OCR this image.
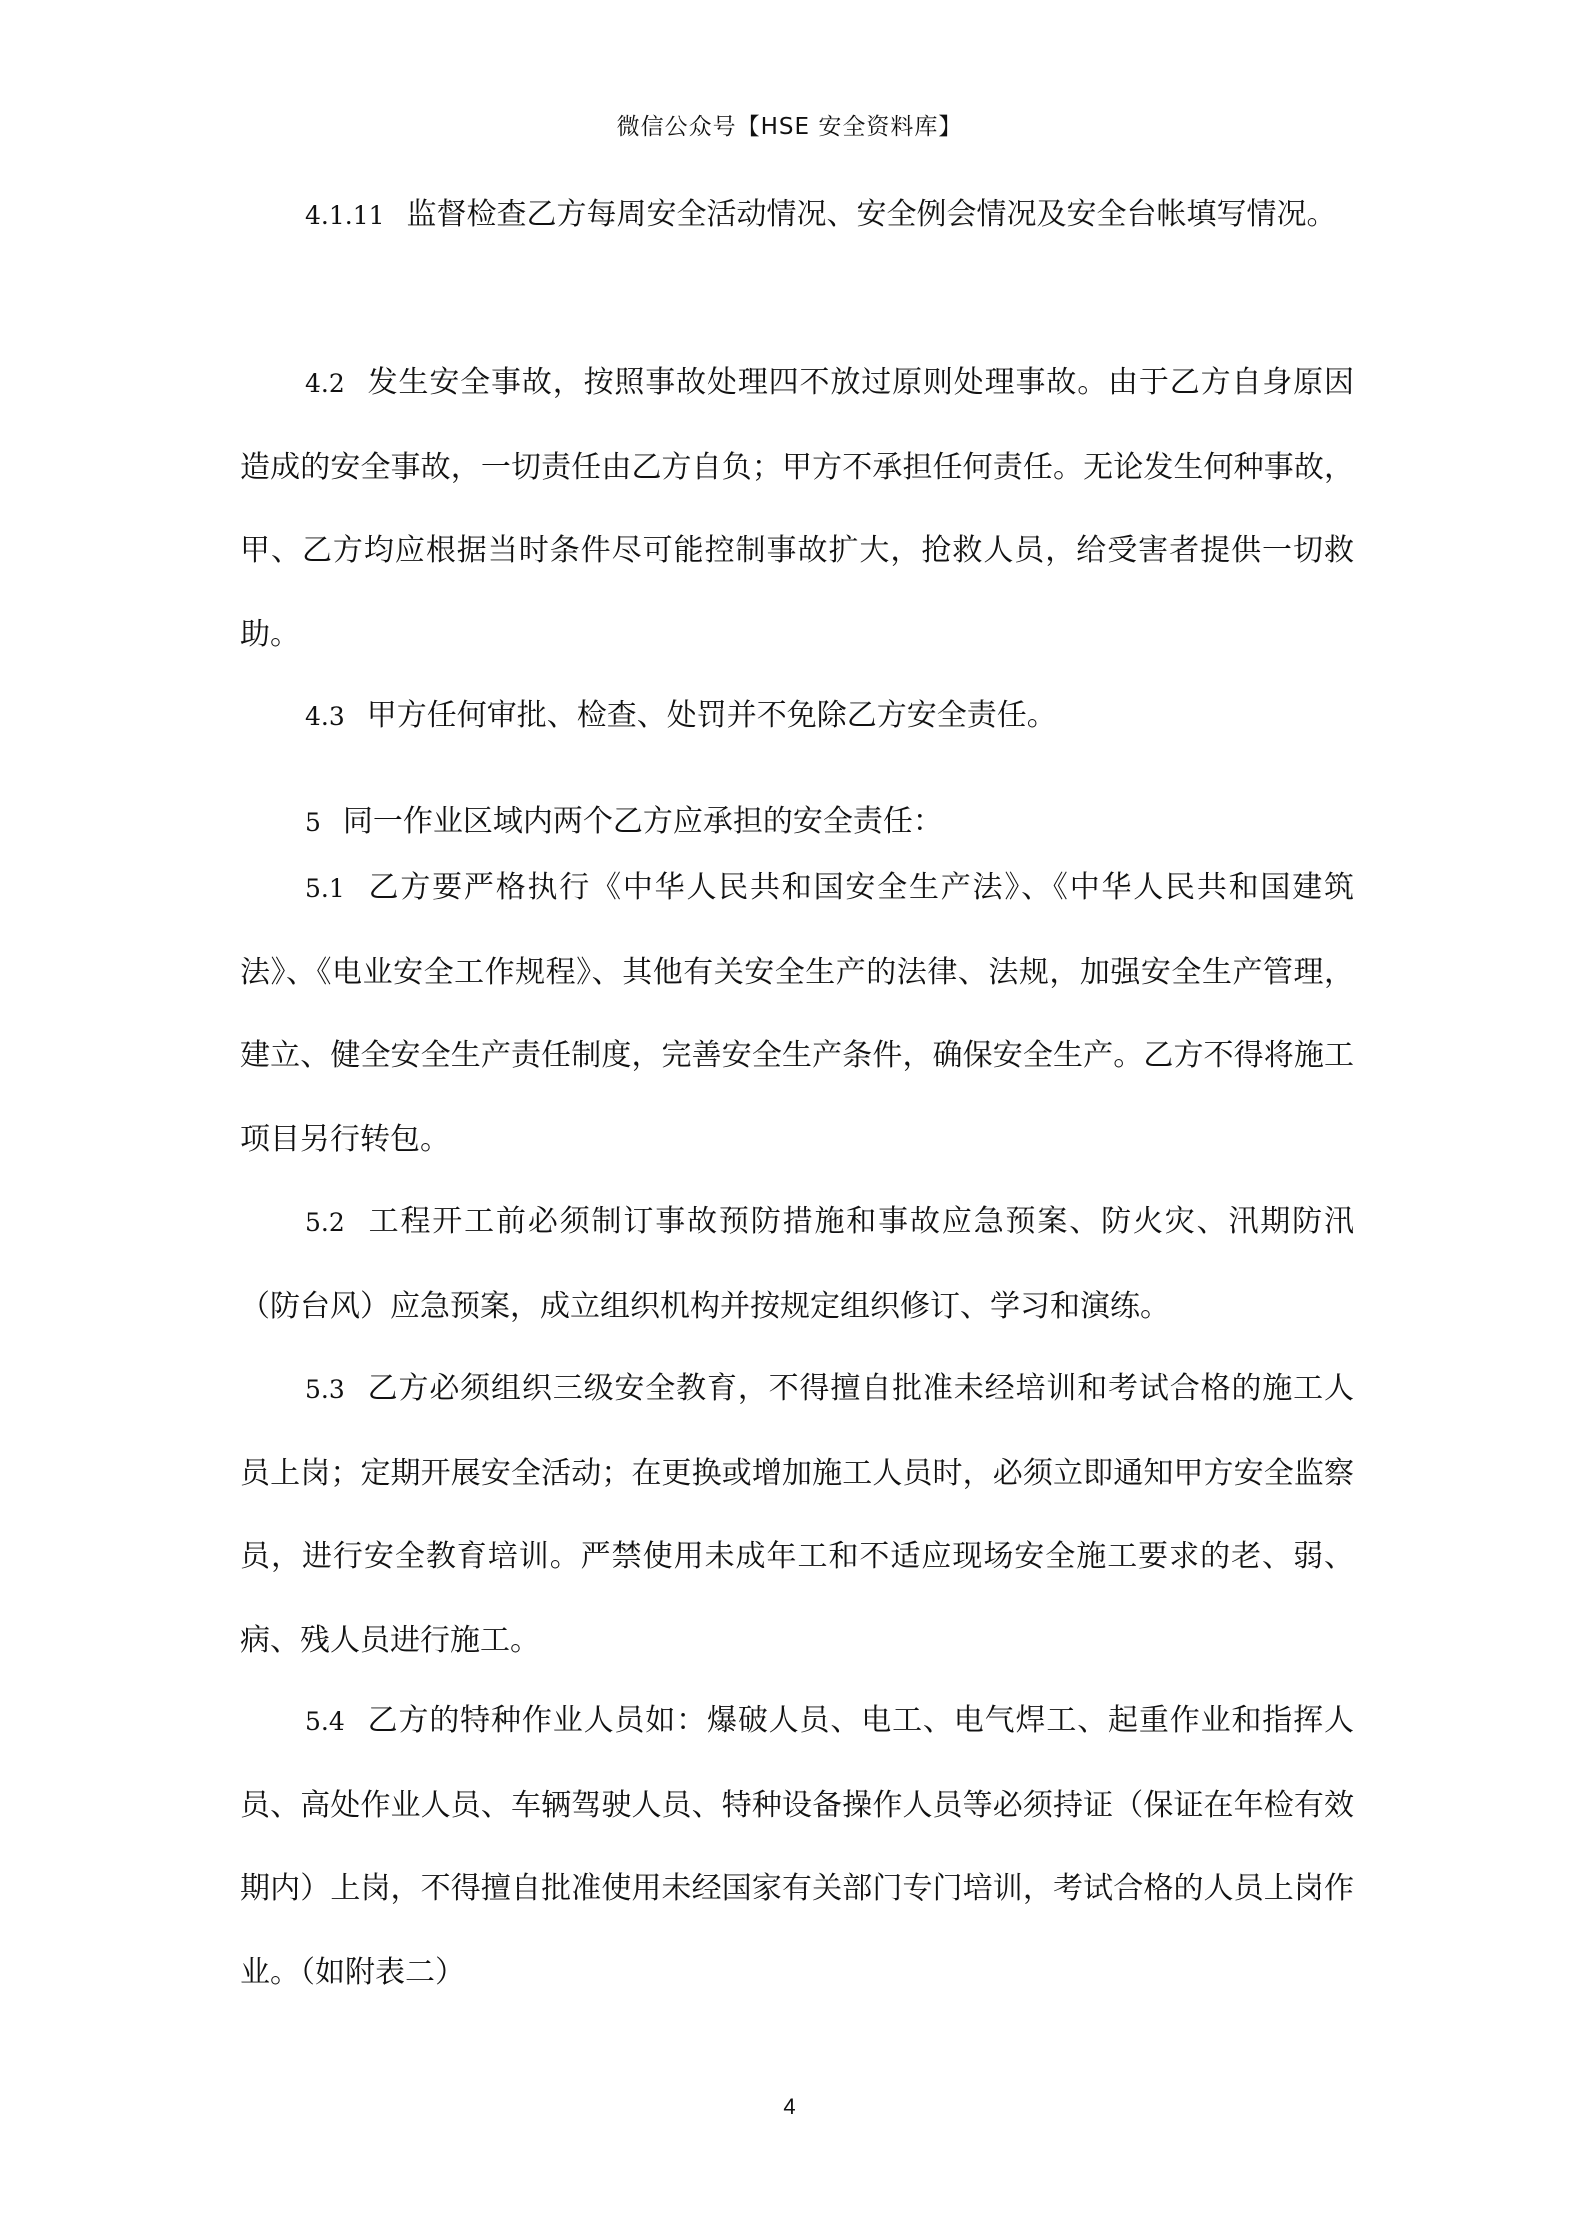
微信公众号【HSE 安全资料库】

4.1.11 监督检查乙方每周安全活动情况、安全例会情况及安全台帐填写情况。

4.2 发生安全事故，按照事故处理四不放过原则处理事故。由于乙方自身原因造成的安全事故，一切责任由乙方自负；甲方不承担任何责任。无论发生何种事故，甲、乙方均应根据当时条件尽可能控制事故扩大，抢救人员，给受害者提供一切救助。

4.3 甲方任何审批、检查、处罚并不免除乙方安全责任。

5 同一作业区域内两个乙方应承担的安全责任：

5.1 乙方要严格执行《中华人民共和国安全生产法》、《中华人民共和国建筑法》、《电业安全工作规程》、其他有关安全生产的法律、法规，加强安全生产管理，建立、健全安全生产责任制度，完善安全生产条件，确保安全生产。乙方不得将施工项目另行转包。

5.2 工程开工前必须制订事故预防措施和事故应急预案、防火灾、汛期防汛（防台风）应急预案，成立组织机构并按规定组织修订、学习和演练。

5.3 乙方必须组织三级安全教育，不得擅自批准未经培训和考试合格的施工人员上岗；定期开展安全活动；在更换或增加施工人员时，必须立即通知甲方安全监察员，进行安全教育培训。严禁使用未成年工和不适应现场安全施工要求的老、弱、病、残人员进行施工。

5.4 乙方的特种作业人员如：爆破人员、电工、电气焊工、起重作业和指挥人员、高处作业人员、车辆驾驶人员、特种设备操作人员等必须持证（保证在年检有效期内）上岗，不得擅自批准使用未经国家有关部门专门培训，考试合格的人员上岗作业。（如附表二）

4
